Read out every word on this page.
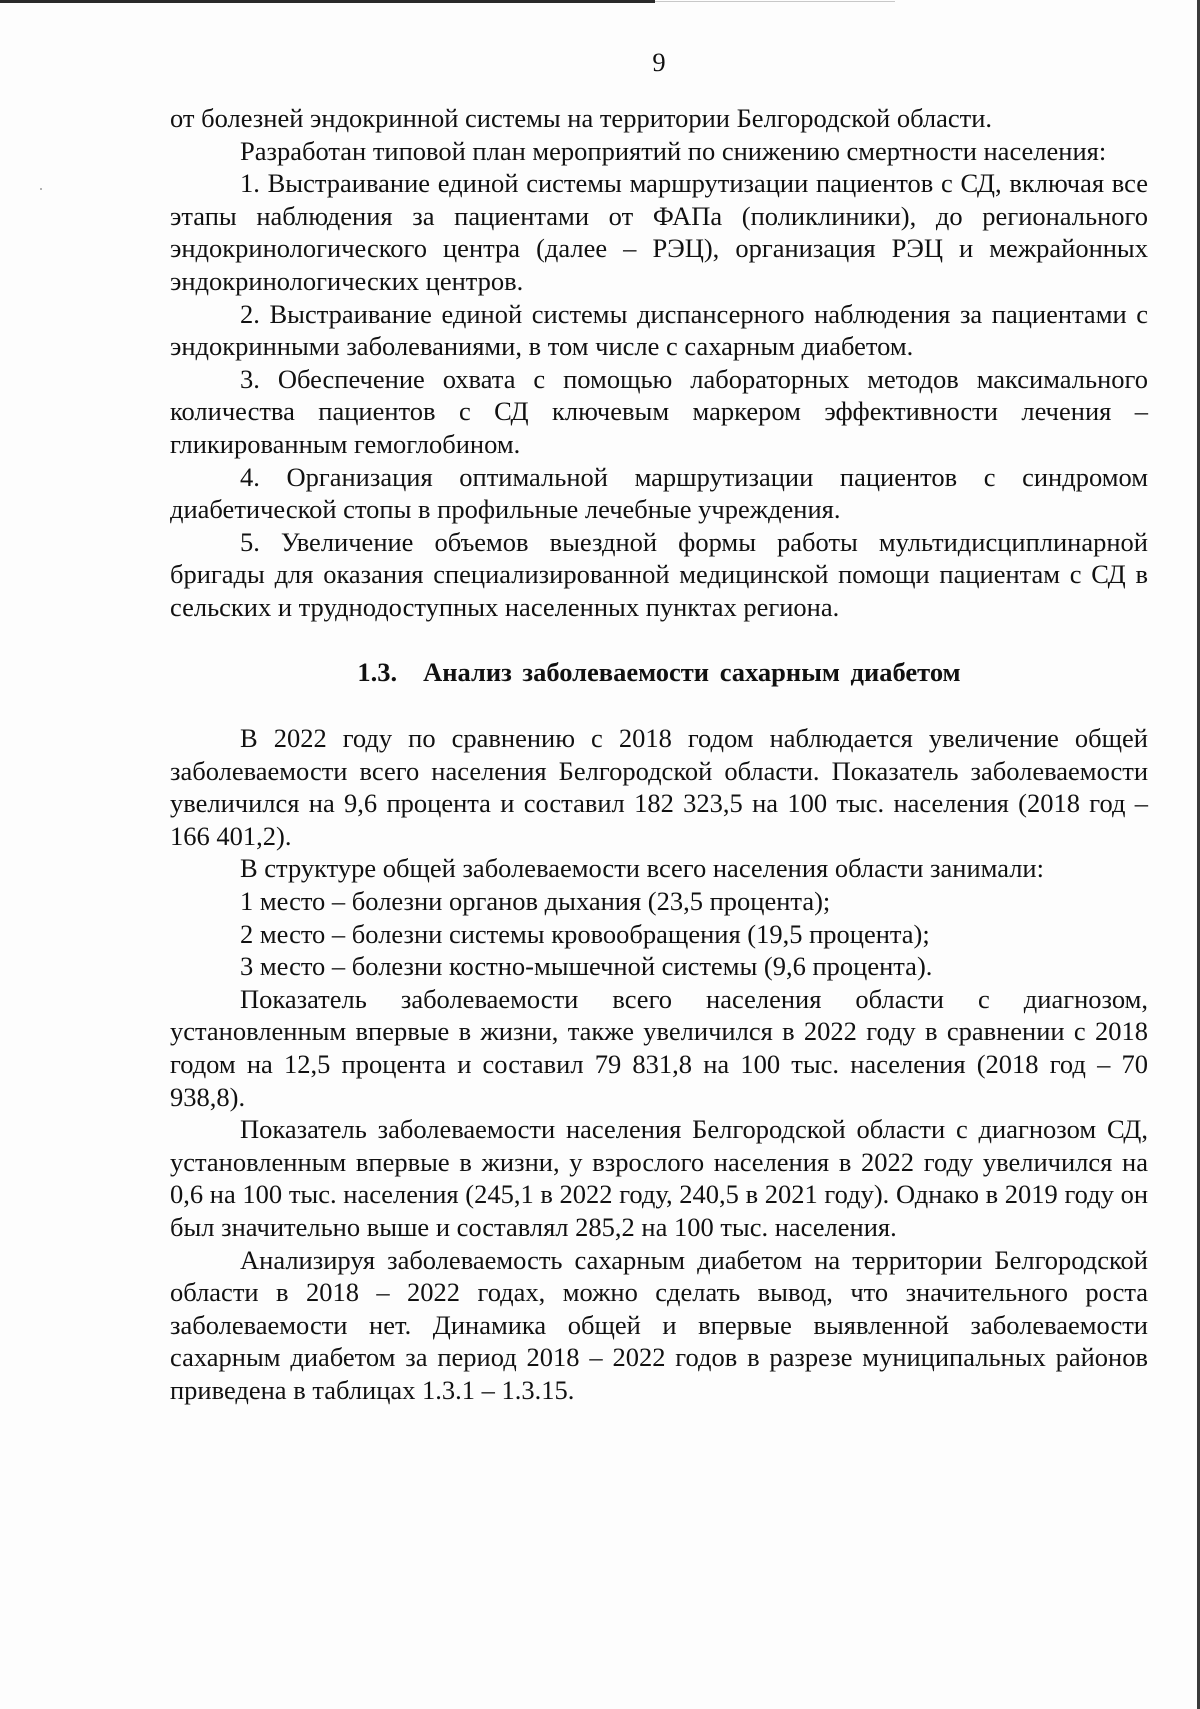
9

от болезней эндокринной системы на территории Белгородской области.

Разработан типовой план мероприятий по снижению смертности населения:

1. Выстраивание единой системы маршрутизации пациентов с СД, включая все этапы наблюдения за пациентами от ФАПа (поликлиники), до регионального эндокринологического центра (далее – РЭЦ), организация РЭЦ и межрайонных эндокринологических центров.

2. Выстраивание единой системы диспансерного наблюдения за пациентами с эндокринными заболеваниями, в том числе с сахарным диабетом.

3. Обеспечение охвата с помощью лабораторных методов максимального количества пациентов с СД ключевым маркером эффективности лечения – гликированным гемоглобином.

4. Организация оптимальной маршрутизации пациентов с синдромом диабетической стопы в профильные лечебные учреждения.

5. Увеличение объемов выездной формы работы мультидисциплинарной бригады для оказания специализированной медицинской помощи пациентам с СД в сельских и труднодоступных населенных пунктах региона.

1.3. Анализ заболеваемости сахарным диабетом

В 2022 году по сравнению с 2018 годом наблюдается увеличение общей заболеваемости всего населения Белгородской области. Показатель заболеваемости увеличился на 9,6 процента и составил 182 323,5 на 100 тыс. населения (2018 год – 166 401,2).

В структуре общей заболеваемости всего населения области занимали:

1 место – болезни органов дыхания (23,5 процента);

2 место – болезни системы кровообращения (19,5 процента);

3 место – болезни костно-мышечной системы (9,6 процента).

Показатель заболеваемости всего населения области с диагнозом, установленным впервые в жизни, также увеличился в 2022 году в сравнении с 2018 годом на 12,5 процента и составил 79 831,8 на 100 тыс. населения (2018 год – 70 938,8).

Показатель заболеваемости населения Белгородской области с диагнозом СД, установленным впервые в жизни, у взрослого населения в 2022 году увеличился на 0,6 на 100 тыс. населения (245,1 в 2022 году, 240,5 в 2021 году). Однако в 2019 году он был значительно выше и составлял 285,2 на 100 тыс. населения.

Анализируя заболеваемость сахарным диабетом на территории Белгородской области в 2018 – 2022 годах, можно сделать вывод, что значительного роста заболеваемости нет. Динамика общей и впервые выявленной заболеваемости сахарным диабетом за период 2018 – 2022 годов в разрезе муниципальных районов приведена в таблицах 1.3.1 – 1.3.15.
